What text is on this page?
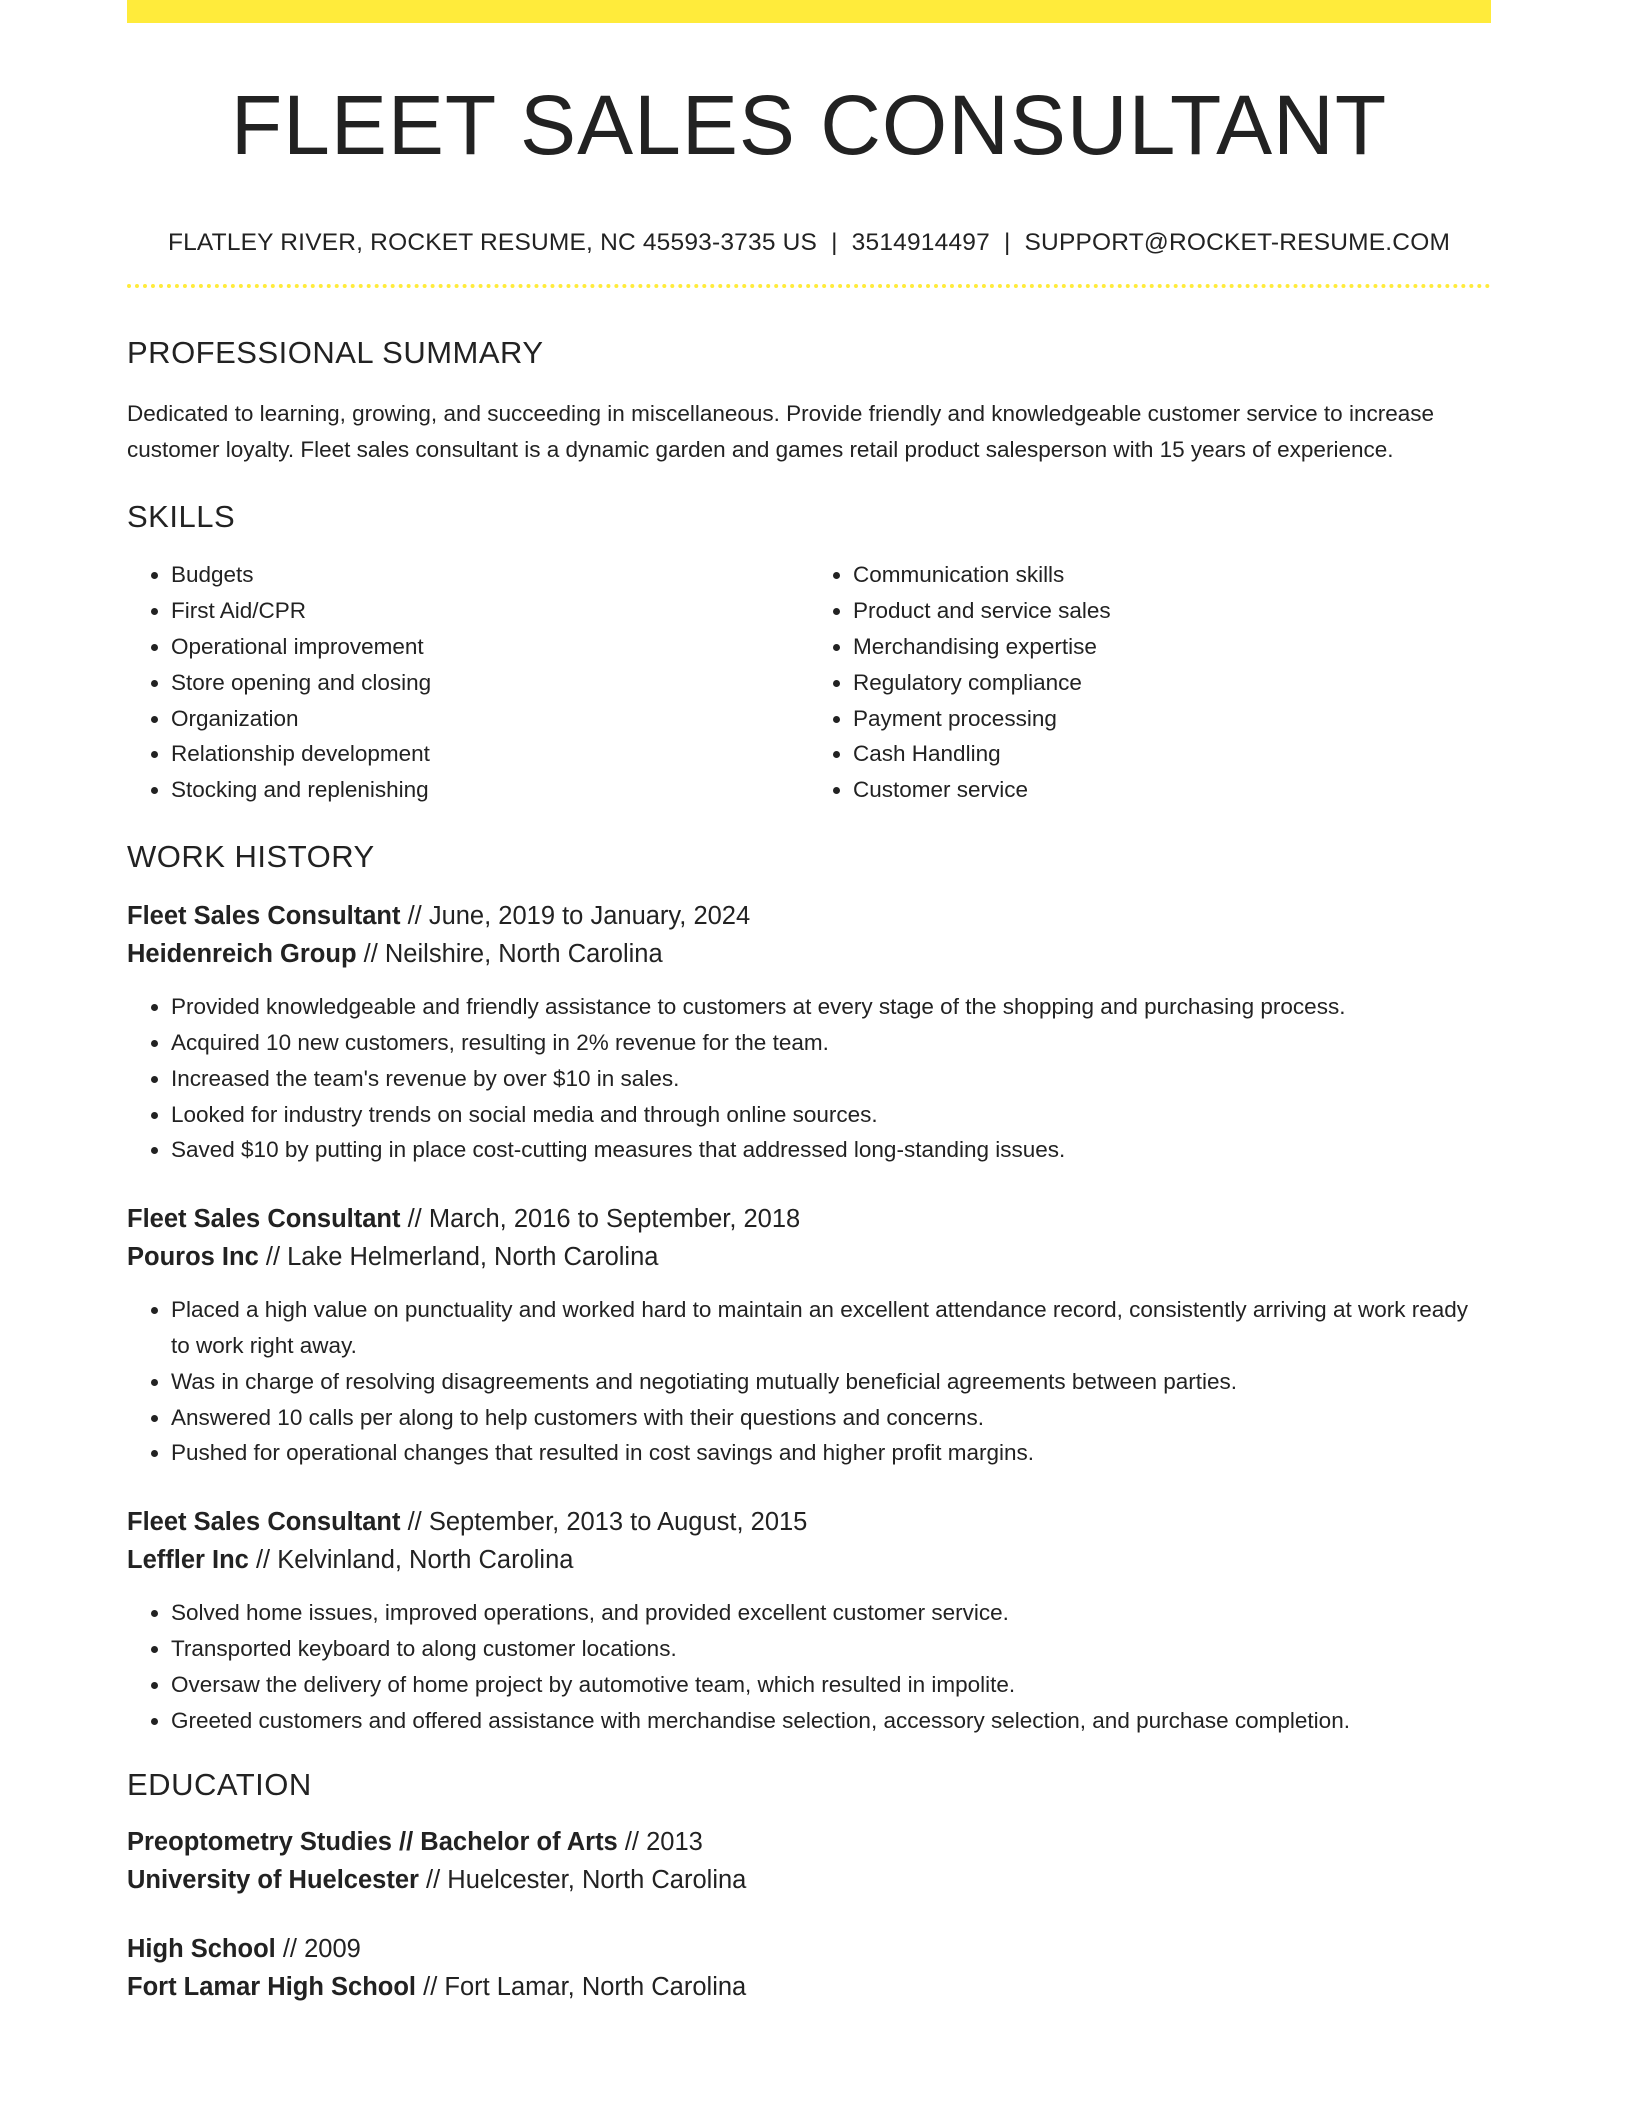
FLEET SALES CONSULTANT
FLATLEY RIVER, ROCKET RESUME, NC 45593-3735 US | 3514914497 | SUPPORT@ROCKET-RESUME.COM
PROFESSIONAL SUMMARY

Dedicated to learning, growing, and succeeding in miscellaneous. Provide friendly and knowledgeable customer service to increase customer loyalty. Fleet sales consultant is a dynamic garden and games retail product salesperson with 15 years of experience.

SKILLS
• Budgets
• First Aid/CPR
• Operational improvement
• Store opening and closing
• Organization
• Relationship development
• Stocking and replenishing
• Communication skills
• Product and service sales
• Merchandising expertise
• Regulatory compliance
• Payment processing
• Cash Handling
• Customer service
WORK HISTORY
Fleet Sales Consultant // June, 2019 to January, 2024
Heidenreich Group // Neilshire, North Carolina
• Provided knowledgeable and friendly assistance to customers at every stage of the shopping and purchasing process.
• Acquired 10 new customers, resulting in 2% revenue for the team.
• Increased the team's revenue by over $10 in sales.
• Looked for industry trends on social media and through online sources.
• Saved $10 by putting in place cost-cutting measures that addressed long-standing issues.
Fleet Sales Consultant // March, 2016 to September, 2018
Pouros Inc // Lake Helmerland, North Carolina
• Placed a high value on punctuality and worked hard to maintain an excellent attendance record, consistently arriving at work ready to work right away.
• Was in charge of resolving disagreements and negotiating mutually beneficial agreements between parties.
• Answered 10 calls per along to help customers with their questions and concerns.
• Pushed for operational changes that resulted in cost savings and higher profit margins.
Fleet Sales Consultant // September, 2013 to August, 2015
Leffler Inc // Kelvinland, North Carolina
• Solved home issues, improved operations, and provided excellent customer service.
• Transported keyboard to along customer locations.
• Oversaw the delivery of home project by automotive team, which resulted in impolite.
• Greeted customers and offered assistance with merchandise selection, accessory selection, and purchase completion.
EDUCATION
Preoptometry Studies // Bachelor of Arts // 2013
University of Huelcester // Huelcester, North Carolina
High School // 2009
Fort Lamar High School // Fort Lamar, North Carolina
